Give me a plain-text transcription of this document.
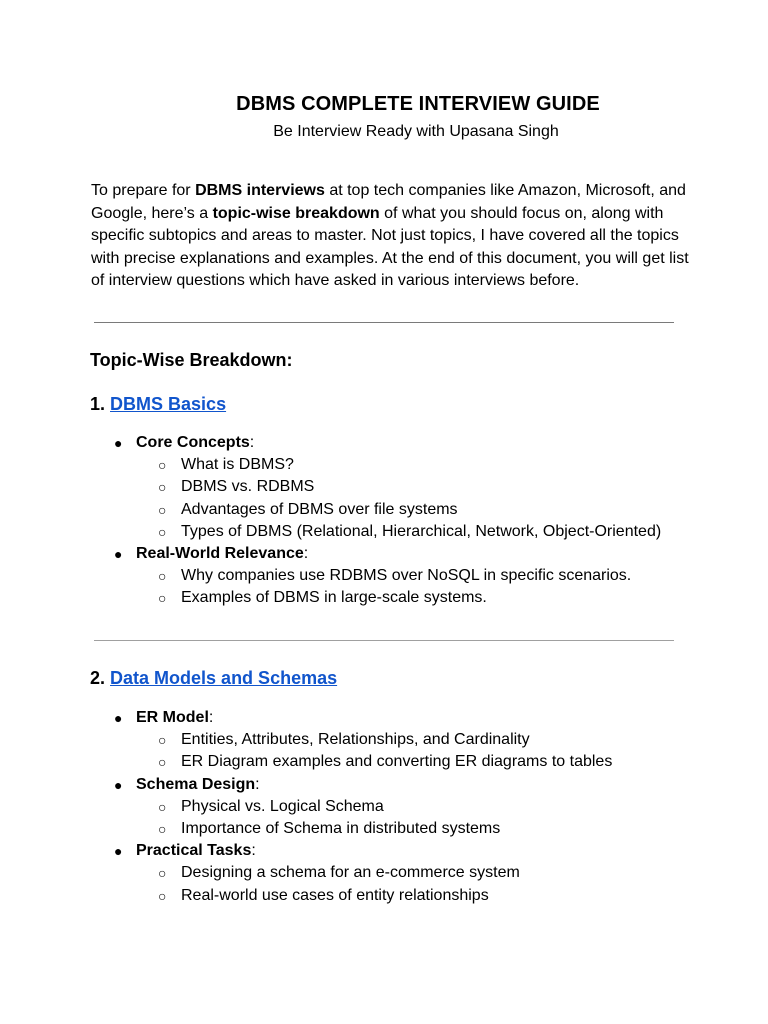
DBMS COMPLETE INTERVIEW GUIDE
Be Interview Ready with Upasana Singh
To prepare for DBMS interviews at top tech companies like Amazon, Microsoft, and Google, here’s a topic-wise breakdown of what you should focus on, along with specific subtopics and areas to master. Not just topics, I have covered all the topics with precise explanations and examples. At the end of this document, you will get list of interview questions which have asked in various interviews before.
Topic-Wise Breakdown:
1. DBMS Basics
● Core Concepts:
○ What is DBMS?
○ DBMS vs. RDBMS
○ Advantages of DBMS over file systems
○ Types of DBMS (Relational, Hierarchical, Network, Object-Oriented)
● Real-World Relevance:
○ Why companies use RDBMS over NoSQL in specific scenarios.
○ Examples of DBMS in large-scale systems.
2. Data Models and Schemas
● ER Model:
○ Entities, Attributes, Relationships, and Cardinality
○ ER Diagram examples and converting ER diagrams to tables
● Schema Design:
○ Physical vs. Logical Schema
○ Importance of Schema in distributed systems
● Practical Tasks:
○ Designing a schema for an e-commerce system
○ Real-world use cases of entity relationships
